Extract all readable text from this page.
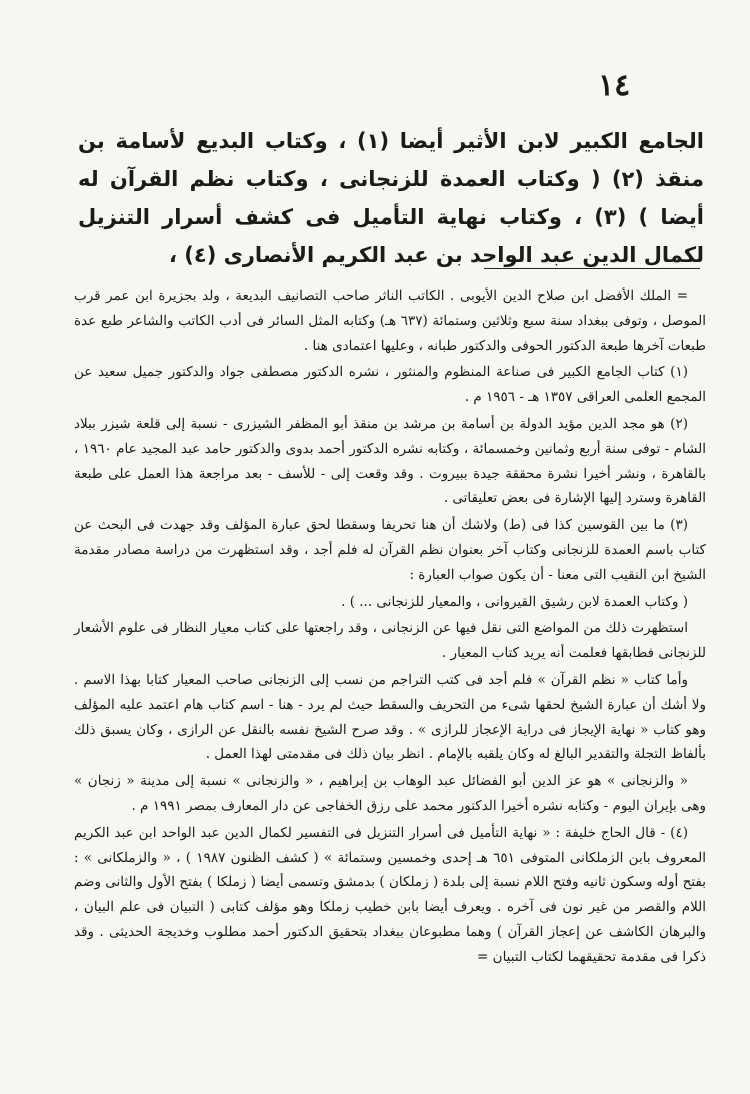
١٤

الجامع الكبير لابن الأثير أيضا (١) ، وكتاب البديع لأسامة بن منقذ (٢) ( وكتاب العمدة للزنجانى ، وكتاب نظم القرآن له أيضا ) (٣) ، وكتاب نهاية التأميل فى كشف أسرار التنزيل لكمال الدين عبد الواحد بن عبد الكريم الأنصارى (٤) ،

= الملك الأفضل ابن صلاح الدين الأيوبى . الكاتب الناثر صاحب التصانيف البديعة ، ولد بجزيرة ابن عمر قرب الموصل ، وتوفى ببغداد سنة سبع وثلاثين وستمائة (٦٣٧ هـ) وكتابه المثل السائر فى أدب الكاتب والشاعر طبع عدة طبعات آخرها طبعة الدكتور الحوفى والدكتور طبانه ، وعليها اعتمادى هنا .

(١) كتاب الجامع الكبير فى صناعة المنظوم والمنثور ، نشره الدكتور مصطفى جواد والدكتور جميل سعيد عن المجمع العلمى العراقى ١٣٥٧ هـ - ١٩٥٦ م .

(٢) هو مجد الدين مؤيد الدولة بن أسامة بن مرشد بن منقذ أبو المظفر الشيزرى - نسبة إلى قلعة شيزر ببلاد الشام - توفى سنة أربع وثمانين وخمسمائة ، وكتابه نشره الدكتور أحمد بدوى والدكتور حامد عبد المجيد عام ١٩٦٠ ، بالقاهرة ، ونشر أخيرا نشرة محققة جيدة ببيروت . وقد وقعت إلى - للأسف - بعد مراجعة هذا العمل على طبعة القاهرة وسترد إليها الإشارة فى بعض تعليقاتى .

(٣) ما بين القوسين كذا فى (ط) ولاشك أن هنا تحريفا وسقطا لحق عبارة المؤلف وقد جهدت فى البحث عن كتاب باسم العمدة للزنجانى وكتاب آخر بعنوان نظم القرآن له فلم أجد ، وقد استظهرت من دراسة مصادر مقدمة الشيخ ابن النقيب التى معنا - أن يكون صواب العبارة :

( وكتاب العمدة لابن رشيق القيروانى ، والمعيار للزنجانى ... ) .

استظهرت ذلك من المواضع التى نقل فيها عن الزنجانى ، وقد راجعتها على كتاب معيار النظار فى علوم الأشعار للزنجانى فطابقها فعلمت أنه يريد كتاب المعيار .

وأما كتاب « نظم القرآن » فلم أجد فى كتب التراجم من نسب إلى الزنجانى صاحب المعيار كتابا بهذا الاسم . ولا أشك أن عبارة الشيخ لحقها شىء من التحريف والسقط حيث لم يرد - هنا - اسم كتاب هام اعتمد عليه المؤلف وهو كتاب « نهاية الإيجاز فى دراية الإعجاز للرازى » . وقد صرح الشيخ نفسه بالنقل عن الرازى ، وكان يسبق ذلك بألفاظ التجلة والتقدير البالغ له وكان يلقبه بالإمام . انظر بيان ذلك فى مقدمتى لهذا العمل .

« والزنجانى » هو عز الدين أبو الفضائل عبد الوهاب بن إبراهيم ، « والزنجانى » نسبة إلى مدينة « زنجان » وهى بإيران اليوم - وكتابه نشره أخيرا الدكتور محمد على رزق الخفاجى عن دار المعارف بمصر ١٩٩١ م .

(٤) - قال الحاج خليفة : « نهاية التأميل فى أسرار التنزيل فى التفسير لكمال الدين عبد الواحد ابن عبد الكريم المعروف بابن الزملكانى المتوفى ٦٥١ هـ إحدى وخمسين وستمائة » ( كشف الظنون ١٩٨٧ ) ، « والزملكانى » : بفتح أوله وسكون ثانيه وفتح اللام نسبة إلى بلدة ( زملكان ) بدمشق وتسمى أيضا ( زملكا ) بفتح الأول والثانى وضم اللام والقصر من غير نون فى آخره . ويعرف أيضا بابن خطيب زملكا وهو مؤلف كتابى ( التبيان فى علم البيان ، والبرهان الكاشف عن إعجاز القرآن ) وهما مطبوعان ببغداد بتحقيق الدكتور أحمد مطلوب وخديجة الحديثى . وقد ذكرا فى مقدمة تحقيقهما لكتاب التبيان =
